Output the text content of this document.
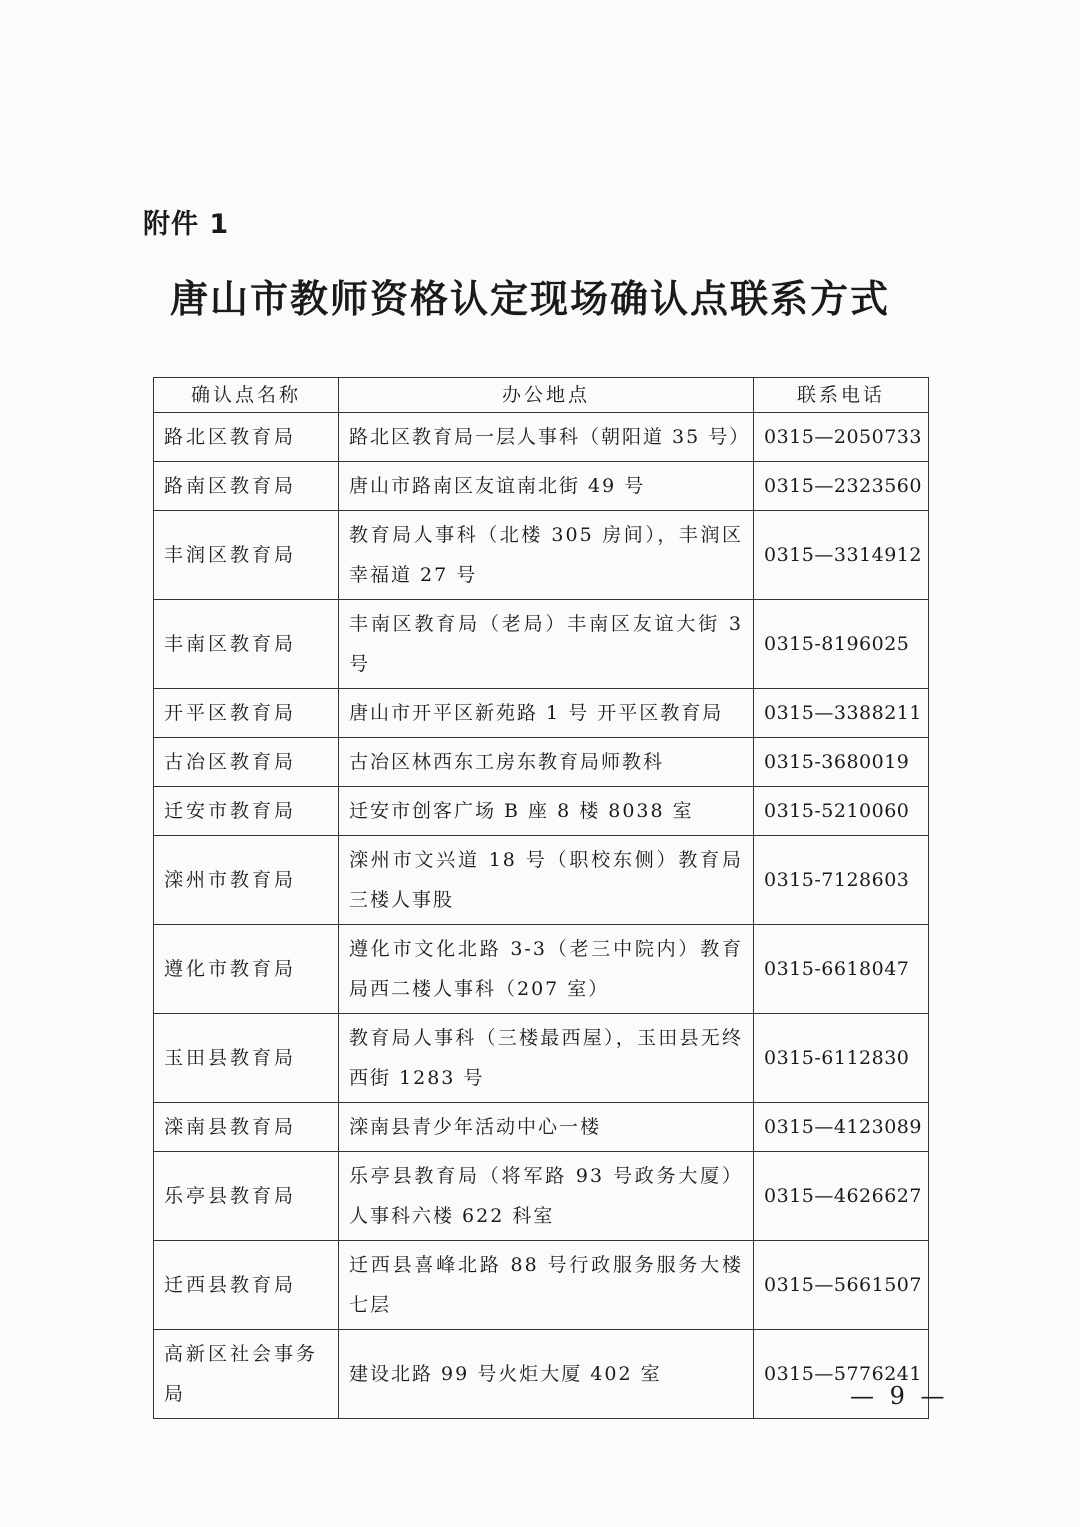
附件 1
唐山市教师资格认定现场确认点联系方式
确认点名称	办公地点	联系电话
路北区教育局	路北区教育局一层人事科（朝阳道 35 号）	0315—2050733
路南区教育局	唐山市路南区友谊南北街 49 号	0315—2323560
丰润区教育局	教育局人事科（北楼 305 房间），丰润区幸福道 27 号	0315—3314912
丰南区教育局	丰南区教育局（老局）丰南区友谊大街 3 号	0315-8196025
开平区教育局	唐山市开平区新苑路 1 号 开平区教育局	0315—3388211
古冶区教育局	古冶区林西东工房东教育局师教科	0315-3680019
迁安市教育局	迁安市创客广场 B 座 8 楼 8038 室	0315-5210060
滦州市教育局	滦州市文兴道 18 号（职校东侧）教育局三楼人事股	0315-7128603
遵化市教育局	遵化市文化北路 3-3（老三中院内）教育局西二楼人事科（207 室）	0315-6618047
玉田县教育局	教育局人事科（三楼最西屋），玉田县无终西街 1283 号	0315-6112830
滦南县教育局	滦南县青少年活动中心一楼	0315—4123089
乐亭县教育局	乐亭县教育局（将军路 93 号政务大厦）人事科六楼 622 科室	0315—4626627
迁西县教育局	迁西县喜峰北路 88 号行政服务服务大楼七层	0315—5661507
高新区社会事务局	建设北路 99 号火炬大厦 402 室	0315—5776241
— 9 —
